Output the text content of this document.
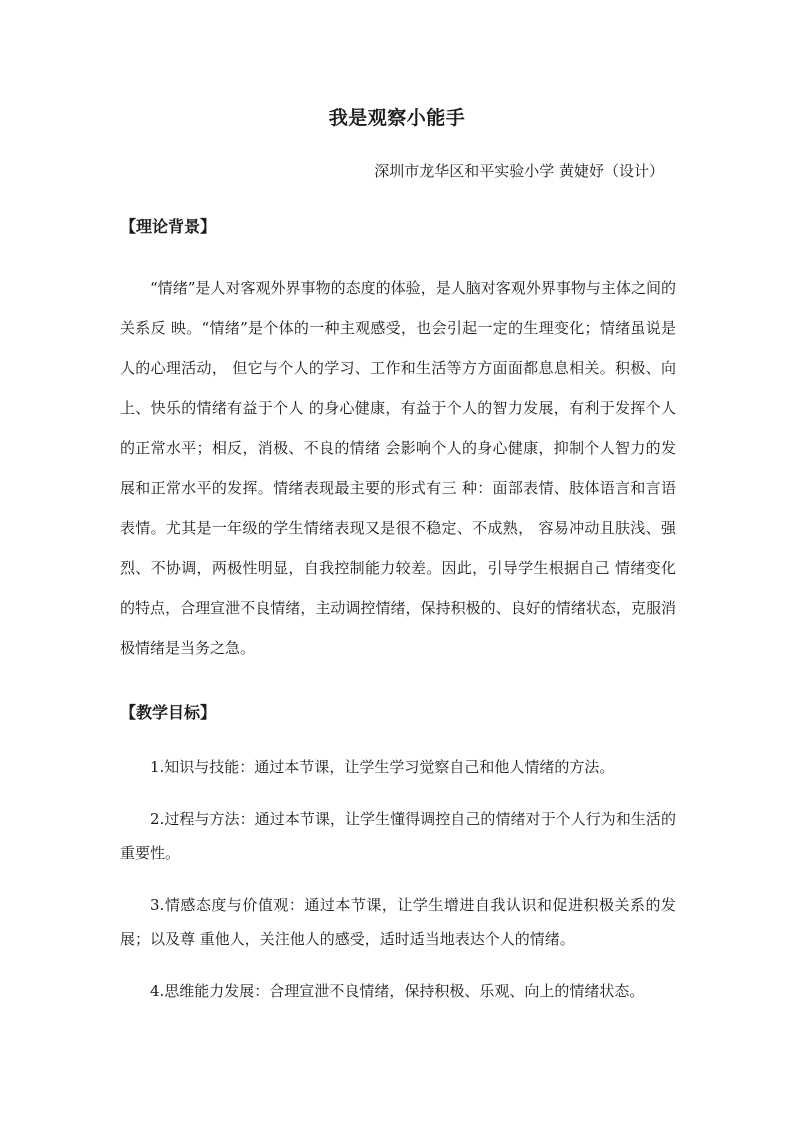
我是观察小能手
深圳市龙华区和平实验小学 黄婕妤（设计）
【理论背景】
“情绪”是人对客观外界事物的态度的体验，是人脑对客观外界事物与主体之间的关系反 映。“情绪”是个体的一种主观感受，也会引起一定的生理变化；情绪虽说是人的心理活动， 但它与个人的学习、工作和生活等方方面面都息息相关。积极、向上、快乐的情绪有益于个人 的身心健康，有益于个人的智力发展，有利于发挥个人的正常水平；相反，消极、不良的情绪 会影响个人的身心健康，抑制个人智力的发展和正常水平的发挥。情绪表现最主要的形式有三 种：面部表情、肢体语言和言语表情。尤其是一年级的学生情绪表现又是很不稳定、不成熟， 容易冲动且肤浅、强烈、不协调，两极性明显，自我控制能力较差。因此，引导学生根据自己 情绪变化的特点，合理宣泄不良情绪，主动调控情绪，保持积极的、良好的情绪状态，克服消极情绪是当务之急。
【教学目标】

1.知识与技能：通过本节课，让学生学习觉察自己和他人情绪的方法。

2.过程与方法：通过本节课，让学生懂得调控自己的情绪对于个人行为和生活的重要性。

3.情感态度与价值观：通过本节课，让学生增进自我认识和促进积极关系的发展；以及尊 重他人，关注他人的感受，适时适当地表达个人的情绪。

4.思维能力发展：合理宣泄不良情绪，保持积极、乐观、向上的情绪状态。
